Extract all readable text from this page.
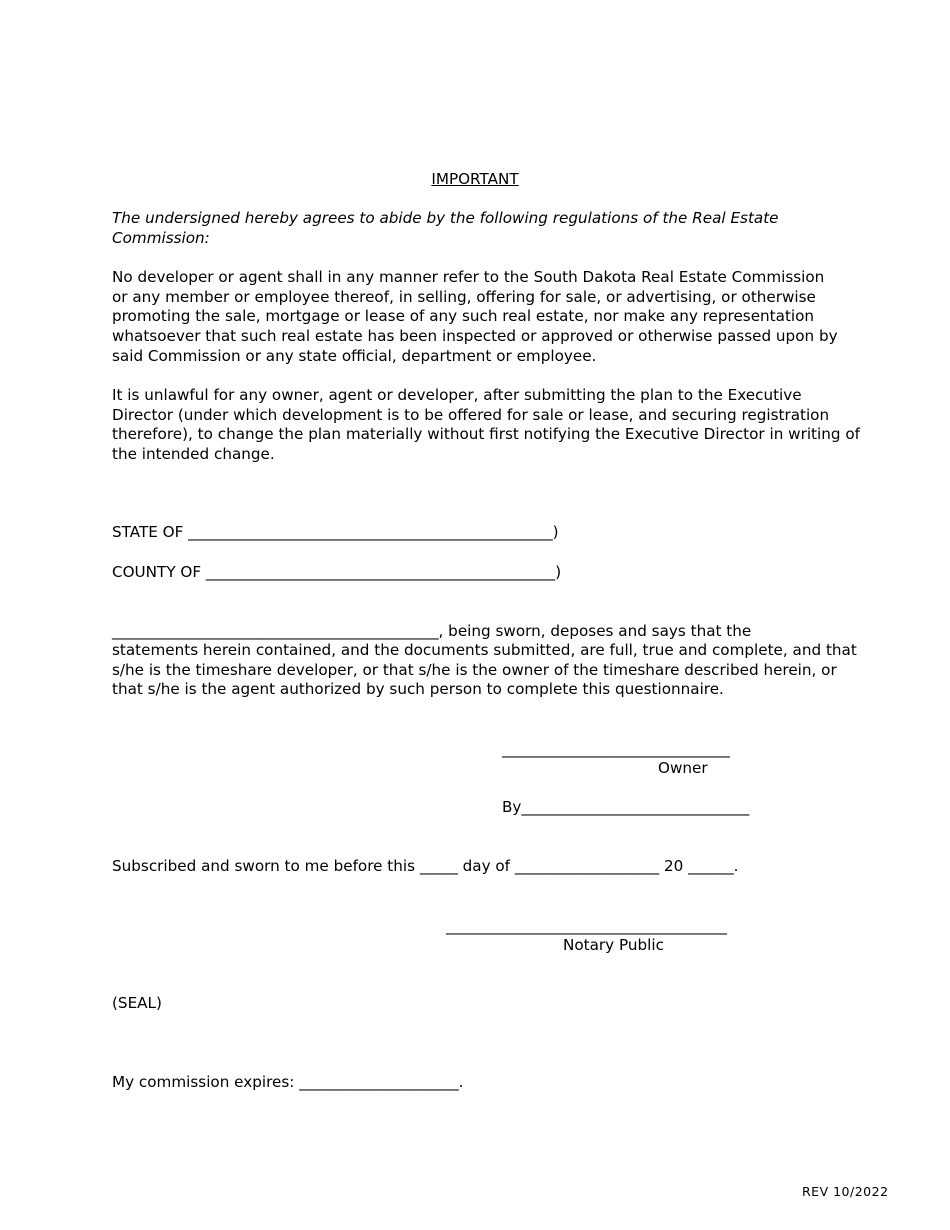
IMPORTANT
The undersigned hereby agrees to abide by the following regulations of the Real Estate Commission:
No developer or agent shall in any manner refer to the South Dakota Real Estate Commission
or any member or employee thereof, in selling, offering for sale, or advertising, or otherwise
promoting the sale, mortgage or lease of any such real estate, nor make any representation
whatsoever that such real estate has been inspected or approved or otherwise passed upon by
said Commission or any state official, department or employee.
It is unlawful for any owner, agent or developer, after submitting the plan to the Executive
Director (under which development is to be offered for sale or lease, and securing registration
therefore), to change the plan materially without first notifying the Executive Director in writing of
the intended change.
STATE OF ________________________________________________)
COUNTY OF ______________________________________________)
___________________________________________, being sworn, deposes and says that the
statements herein contained, and the documents submitted, are full, true and complete, and that
s/he is the timeshare developer, or that s/he is the owner of the timeshare described herein, or
that s/he is the agent authorized by such person to complete this questionnaire.
______________________________
Owner
By______________________________
Subscribed and sworn to me before this _____ day of ___________________ 20 ______.
_____________________________________
Notary Public
(SEAL)
My commission expires: _____________________.
REV 10/2022
